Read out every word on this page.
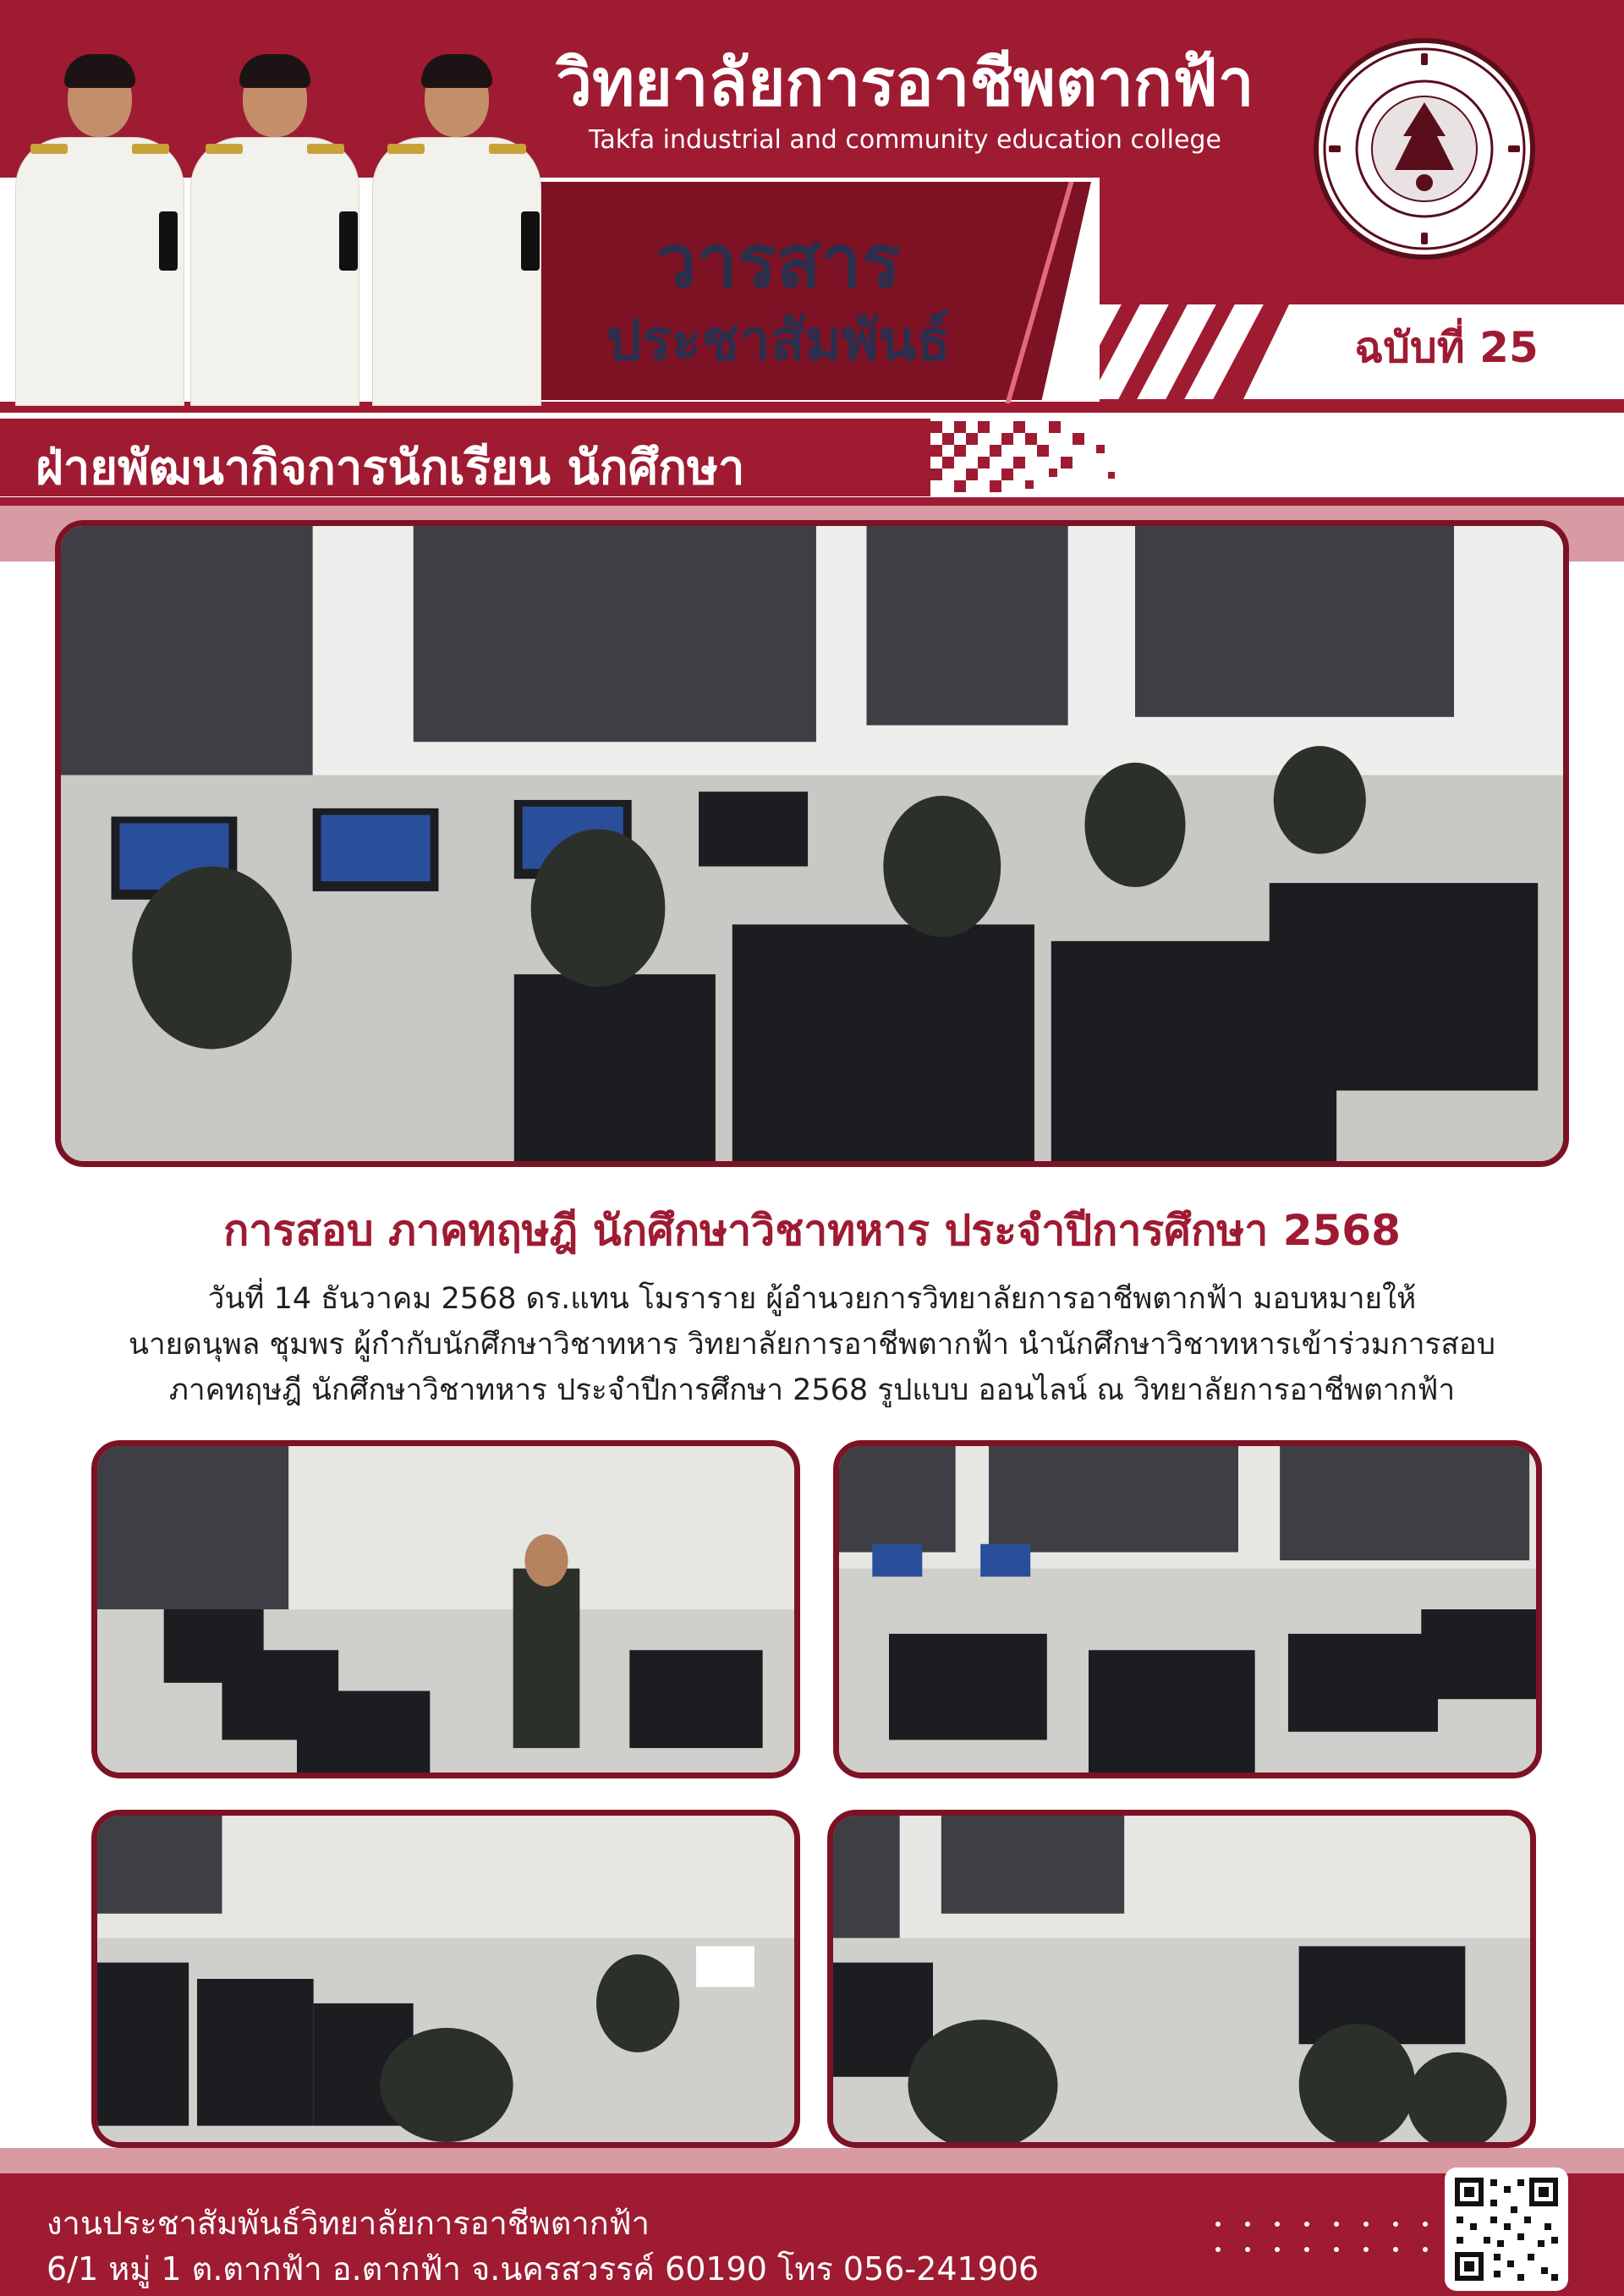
วิทยาลัยการอาชีพตากฟ้า
Takfa industrial and community education college
วารสาร
ประชาสัมพันธ์	ฉบับที่ 25
ฝ่ายพัฒนากิจการนักเรียน นักศึกษา
การสอบ ภาคทฤษฎี นักศึกษาวิชาทหาร ประจำปีการศึกษา 2568
วันที่ 14 ธันวาคม 2568 ดร.แทน โมราราย ผู้อำนวยการวิทยาลัยการอาชีพตากฟ้า มอบหมายให้
นายดนุพล ชุมพร ผู้กำกับนักศึกษาวิชาทหาร วิทยาลัยการอาชีพตากฟ้า นำนักศึกษาวิชาทหารเข้าร่วมการสอบ
ภาคทฤษฎี นักศึกษาวิชาทหาร ประจำปีการศึกษา 2568 รูปแบบ ออนไลน์ ณ วิทยาลัยการอาชีพตากฟ้า
งานประชาสัมพันธ์วิทยาลัยการอาชีพตากฟ้า
6/1 หมู่ 1 ต.ตากฟ้า อ.ตากฟ้า จ.นครสวรรค์ 60190 โทร 056-241906
